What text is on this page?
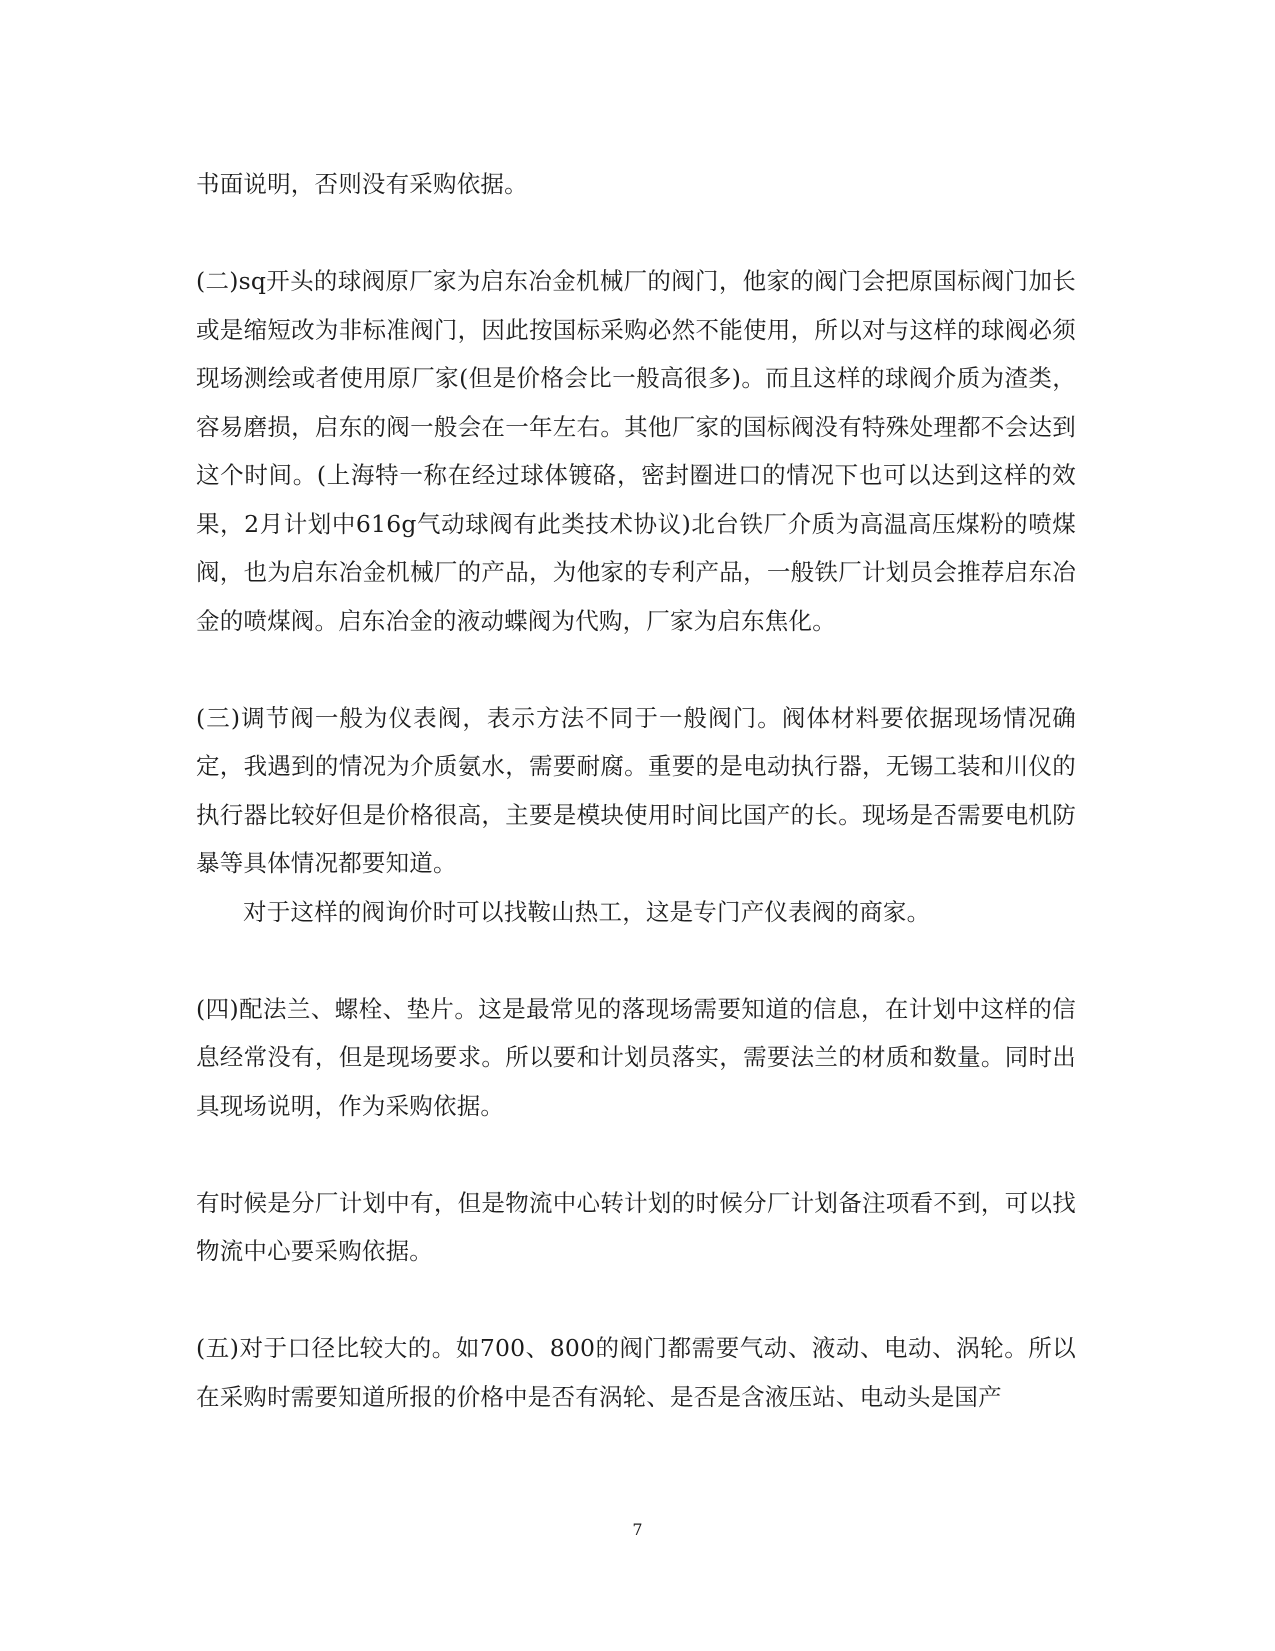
书面说明，否则没有采购依据。

(二)sq开头的球阀原厂家为启东冶金机械厂的阀门，他家的阀门会把原国标阀门加长或是缩短改为非标准阀门，因此按国标采购必然不能使用，所以对与这样的球阀必须现场测绘或者使用原厂家(但是价格会比一般高很多)。而且这样的球阀介质为渣类，容易磨损，启东的阀一般会在一年左右。其他厂家的国标阀没有特殊处理都不会达到这个时间。(上海特一称在经过球体镀硌，密封圈进口的情况下也可以达到这样的效果，2月计划中616g气动球阀有此类技术协议)北台铁厂介质为高温高压煤粉的喷煤阀，也为启东冶金机械厂的产品，为他家的专利产品，一般铁厂计划员会推荐启东冶金的喷煤阀。启东冶金的液动蝶阀为代购，厂家为启东焦化。

(三)调节阀一般为仪表阀，表示方法不同于一般阀门。阀体材料要依据现场情况确定，我遇到的情况为介质氨水，需要耐腐。重要的是电动执行器，无锡工装和川仪的执行器比较好但是价格很高，主要是模块使用时间比国产的长。现场是否需要电机防暴等具体情况都要知道。

对于这样的阀询价时可以找鞍山热工，这是专门产仪表阀的商家。

(四)配法兰、螺栓、垫片。这是最常见的落现场需要知道的信息，在计划中这样的信息经常没有，但是现场要求。所以要和计划员落实，需要法兰的材质和数量。同时出具现场说明，作为采购依据。

有时候是分厂计划中有，但是物流中心转计划的时候分厂计划备注项看不到，可以找物流中心要采购依据。

(五)对于口径比较大的。如700、800的阀门都需要气动、液动、电动、涡轮。所以在采购时需要知道所报的价格中是否有涡轮、是否是含液压站、电动头是国产

7
